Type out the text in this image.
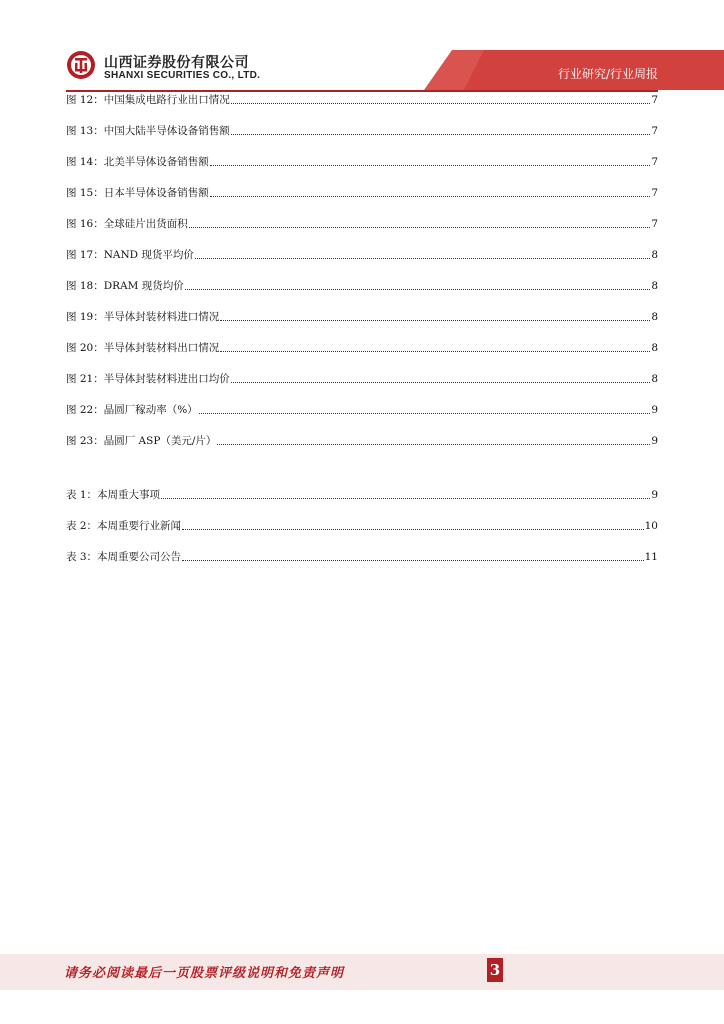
山西证券股份有限公司
SHANXI SECURITIES CO., LTD.	行业研究/行业周报
图 12： 中国集成电路行业出口情况	7
图 13： 中国大陆半导体设备销售额	7
图 14： 北美半导体设备销售额	7
图 15： 日本半导体设备销售额	7
图 16： 全球硅片出货面积	7
图 17： NAND 现货平均价	8
图 18： DRAM 现货均价	8
图 19： 半导体封装材料进口情况	8
图 20： 半导体封装材料出口情况	8
图 21： 半导体封装材料进出口均价	8
图 22： 晶圆厂稼动率（%）	9
图 23： 晶圆厂 ASP（美元/片）	9
表 1： 本周重大事项	9
表 2： 本周重要行业新闻	10
表 3： 本周重要公司公告	11
请务必阅读最后一页股票评级说明和免责声明	3
